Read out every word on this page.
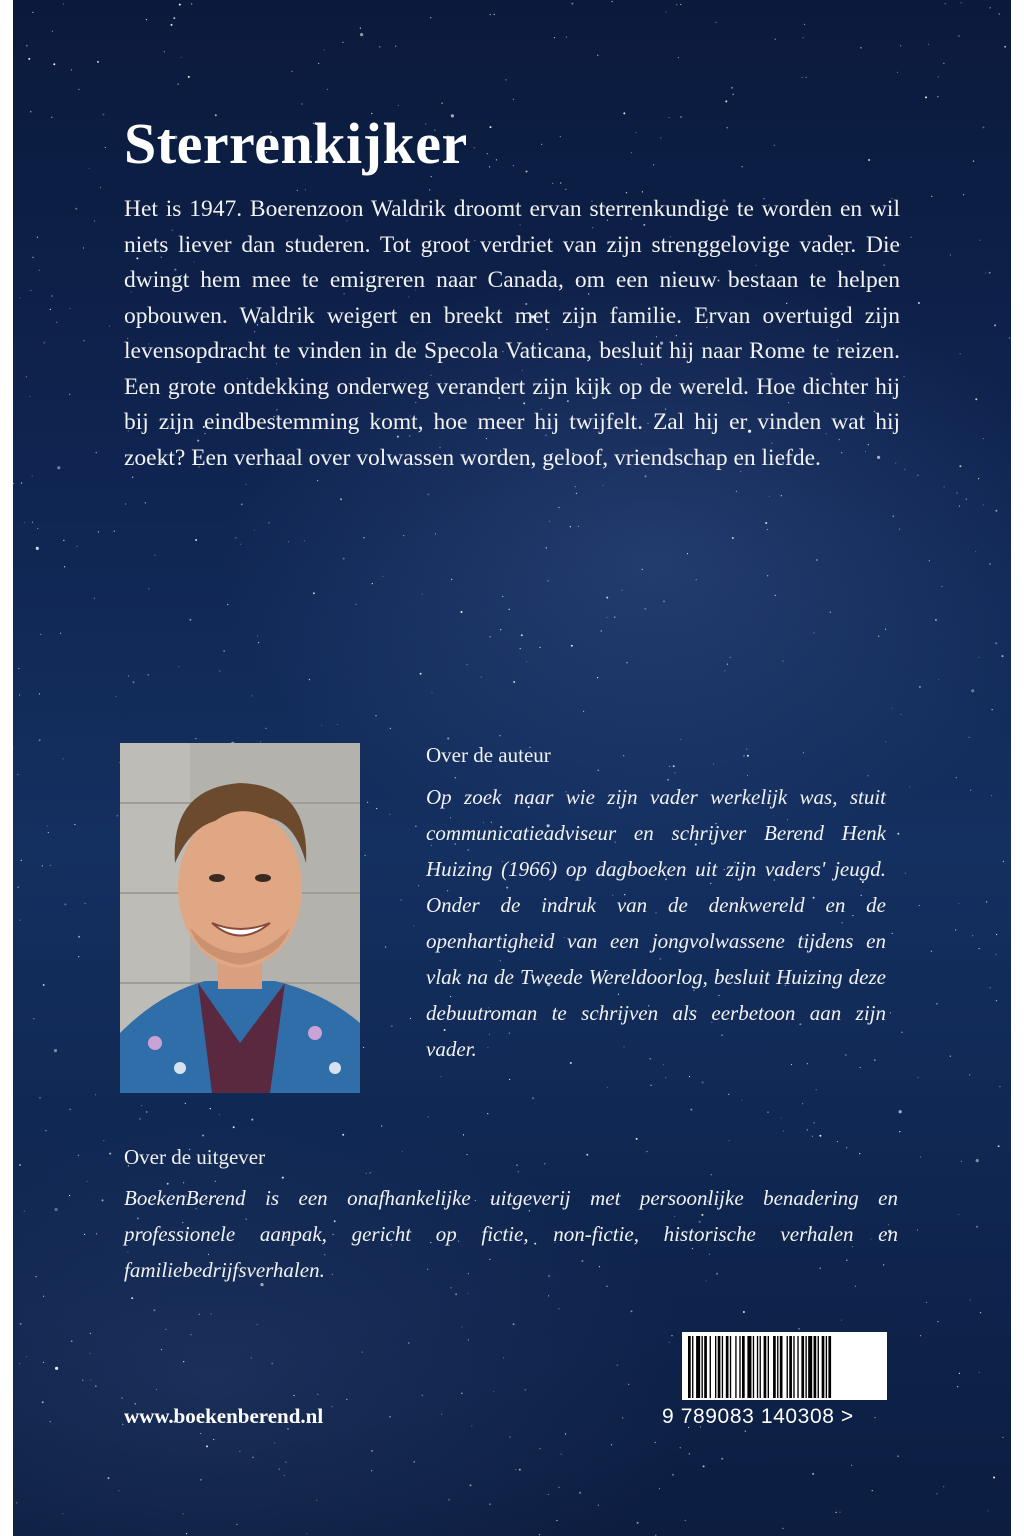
Sterrenkijker

Het is 1947. Boerenzoon Waldrik droomt ervan sterrenkundige te worden en wil niets liever dan studeren. Tot groot verdriet van zijn strenggelovige vader. Die dwingt hem mee te emigreren naar Canada, om een nieuw bestaan te helpen opbouwen. Waldrik weigert en breekt met zijn familie. Ervan overtuigd zijn levensopdracht te vinden in de Specola Vaticana, besluit hij naar Rome te reizen. Een grote ontdekking onderweg verandert zijn kijk op de wereld. Hoe dichter hij bij zijn eindbestemming komt, hoe meer hij twijfelt. Zal hij er vinden wat hij zoekt? Een verhaal over volwassen worden, geloof, vriendschap en liefde.

Over de auteur

Op zoek naar wie zijn vader werkelijk was, stuit communicatieadviseur en schrijver Berend Henk Huizing (1966) op dagboeken uit zijn vaders' jeugd. Onder de indruk van de denkwereld en de openhartigheid van een jongvolwassene tijdens en vlak na de Tweede Wereldoorlog, besluit Huizing deze debuutroman te schrijven als eerbetoon aan zijn vader.

Over de uitgever

BoekenBerend is een onafhankelijke uitgeverij met persoonlijke benadering en professionele aanpak, gericht op fictie, non-fictie, historische verhalen en familiebedrijfsverhalen.

www.boekenberend.nl	9 789083 140308 >
